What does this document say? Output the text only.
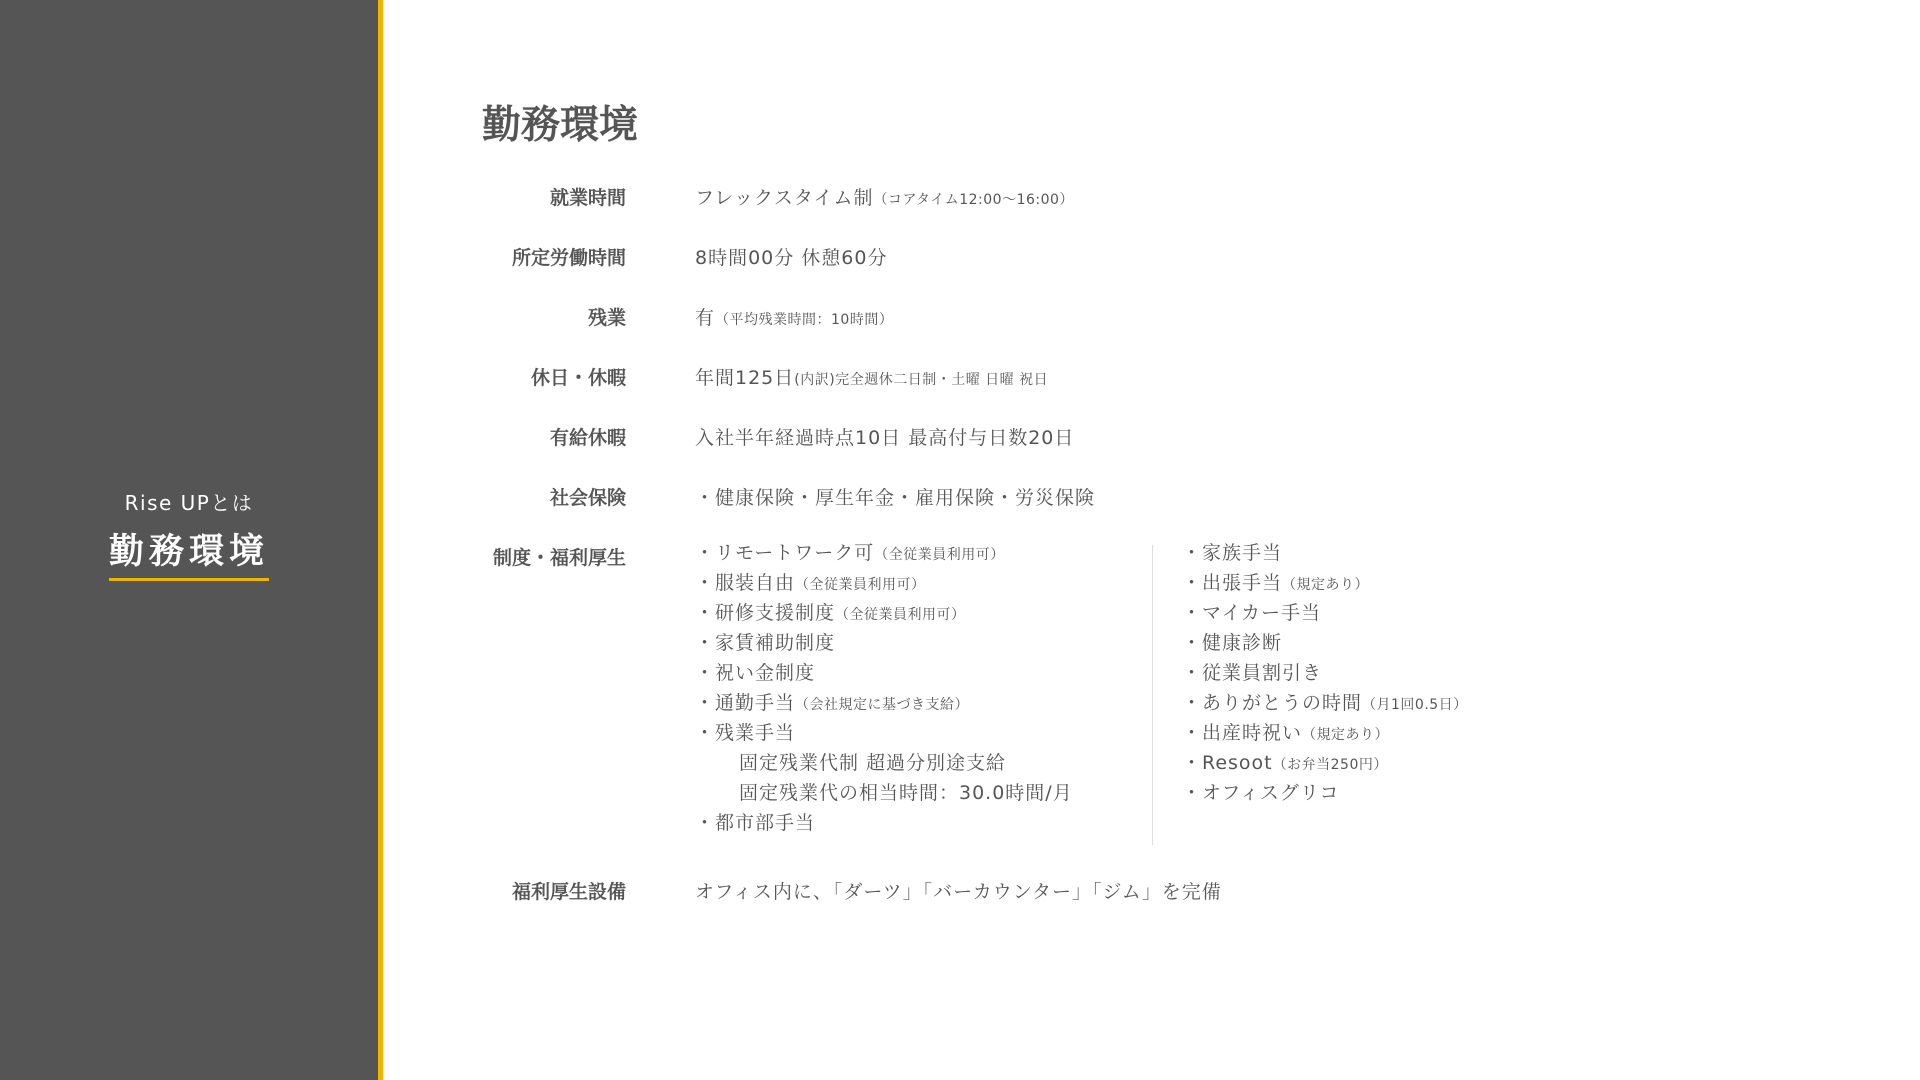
Rise UPとは
勤務環境
勤務環境
就業時間	フレックスタイム制（コアタイム12:00〜16:00）
所定労働時間	8時間00分 休憩60分
残業	有（平均残業時間：10時間）
休日・休暇	年間125日(内訳)完全週休二日制・土曜 日曜 祝日
有給休暇	入社半年経過時点10日 最高付与日数20日
社会保険	・健康保険・厚生年金・雇用保険・労災保険
制度・福利厚生	・リモートワーク可（全従業員利用可）
・服装自由（全従業員利用可）
・研修支援制度（全従業員利用可）
・家賃補助制度
・祝い金制度
・通勤手当（会社規定に基づき支給）
・残業手当
固定残業代制 超過分別途支給
固定残業代の相当時間：30.0時間/月
・都市部手当
・家族手当
・出張手当（規定あり）
・マイカー手当
・健康診断
・従業員割引き
・ありがとうの時間（月1回0.5日）
・出産時祝い（規定あり）
・Resoot（お弁当250円）
・オフィスグリコ
福利厚生設備	オフィス内に、「ダーツ」「バーカウンター」「ジム」を完備
